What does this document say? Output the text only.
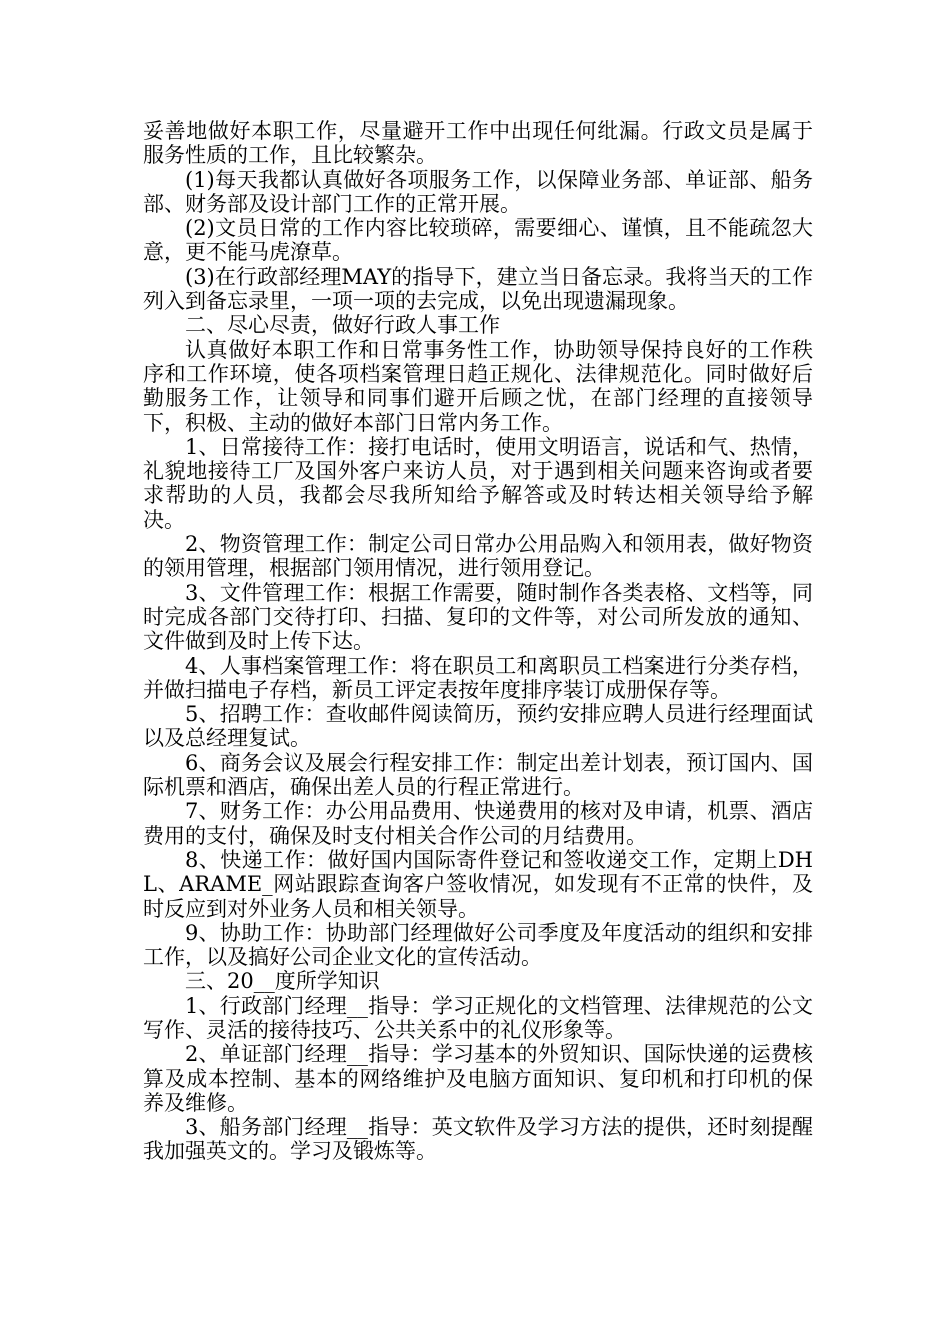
妥善地做好本职工作，尽量避开工作中出现任何纰漏。行政文员是属于服务性质的工作，且比较繁杂。

(1)每天我都认真做好各项服务工作，以保障业务部、单证部、船务部、财务部及设计部门工作的正常开展。

(2)文员日常的工作内容比较琐碎，需要细心、谨慎，且不能疏忽大意，更不能马虎潦草。

(3)在行政部经理MAY的指导下，建立当日备忘录。我将当天的工作列入到备忘录里，一项一项的去完成，以免出现遗漏现象。

二、尽心尽责，做好行政人事工作

认真做好本职工作和日常事务性工作，协助领导保持良好的工作秩序和工作环境，使各项档案管理日趋正规化、法律规范化。同时做好后勤服务工作，让领导和同事们避开后顾之忧，在部门经理的直接领导下，积极、主动的做好本部门日常内务工作。

1、日常接待工作：接打电话时，使用文明语言，说话和气、热情，礼貌地接待工厂及国外客户来访人员，对于遇到相关问题来咨询或者要求帮助的人员，我都会尽我所知给予解答或及时转达相关领导给予解决。

2、物资管理工作：制定公司日常办公用品购入和领用表，做好物资的领用管理，根据部门领用情况，进行领用登记。

3、文件管理工作：根据工作需要，随时制作各类表格、文档等，同时完成各部门交待打印、扫描、复印的文件等，对公司所发放的通知、文件做到及时上传下达。

4、人事档案管理工作：将在职员工和离职员工档案进行分类存档，并做扫描电子存档，新员工评定表按年度排序装订成册保存等。

5、招聘工作：查收邮件阅读简历，预约安排应聘人员进行经理面试以及总经理复试。

6、商务会议及展会行程安排工作：制定出差计划表，预订国内、国际机票和酒店，确保出差人员的行程正常进行。

7、财务工作：办公用品费用、快递费用的核对及申请，机票、酒店费用的支付，确保及时支付相关合作公司的月结费用。

8、快递工作：做好国内国际寄件登记和签收递交工作，定期上DHL、ARAME_网站跟踪查询客户签收情况，如发现有不正常的快件，及时反应到对外业务人员和相关领导。

9、协助工作：协助部门经理做好公司季度及年度活动的组织和安排工作，以及搞好公司企业文化的宣传活动。

三、20__度所学知识

1、行政部门经理__指导：学习正规化的文档管理、法律规范的公文写作、灵活的接待技巧、公共关系中的礼仪形象等。

2、单证部门经理__指导：学习基本的外贸知识、国际快递的运费核算及成本控制、基本的网络维护及电脑方面知识、复印机和打印机的保养及维修。

3、船务部门经理__指导：英文软件及学习方法的提供，还时刻提醒我加强英文的。学习及锻炼等。
